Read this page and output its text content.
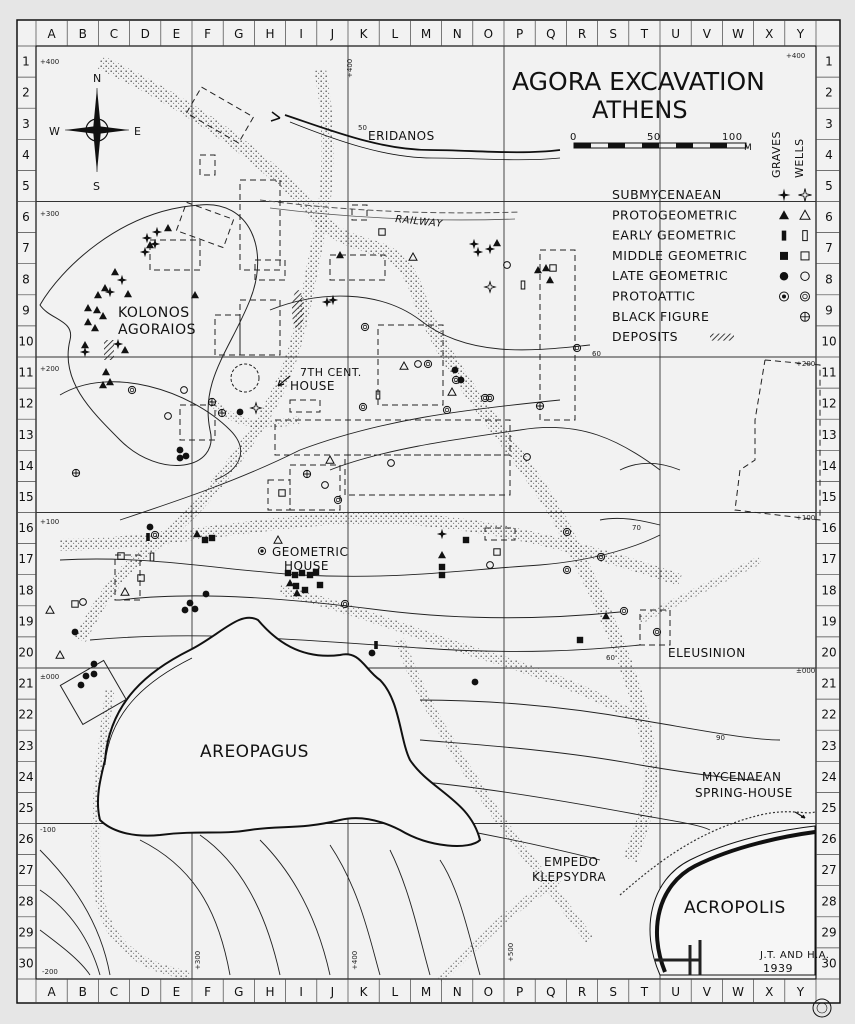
A
A
B
B
C
C
D
D
E
E
F
F
G
G
H
H
I
I
J
J
K
K
L
L
M
M
N
N
O
O
P
P
Q
Q
R
R
S
S
T
T
U
U
V
V
W
W
X
X
Y
Y
1	1
2	2
3	3
4	4
5	5
6	6
7	7
8	8
9	9
10	10
11	11
12	12
13	13
14	14
15	15
16	16
17	17
18	18
19	19
20	20
21	21
22	22
23	23
24	24
25	25
26	26
27	27
28	28
29	29
30	30
+400
+300
+200
+100
±000
-100
+400
+200
+100
±000
-200
+300	+400	+500
+400
N
S
E
W
AGORA EXCAVATION
ATHENS
0	50	100
M GRAVES WELLS
SUBMYCENAEAN
PROTOGEOMETRIC
EARLY GEOMETRIC
MIDDLE GEOMETRIC
LATE GEOMETRIC
PROTOATTIC
BLACK FIGURE
DEPOSITS
ERIDANOS
RAILWAY
KOLONOS
AGORAIOS
7TH CENT.
HOUSE
GEOMETRIC
HOUSE
ELEUSINION
AREOPAGUS
MYCENAEAN
SPRING-HOUSE
EMPEDO
KLEPSYDRA
ACROPOLIS
50
60
70
60
90
J.T. AND H.A.
1939
